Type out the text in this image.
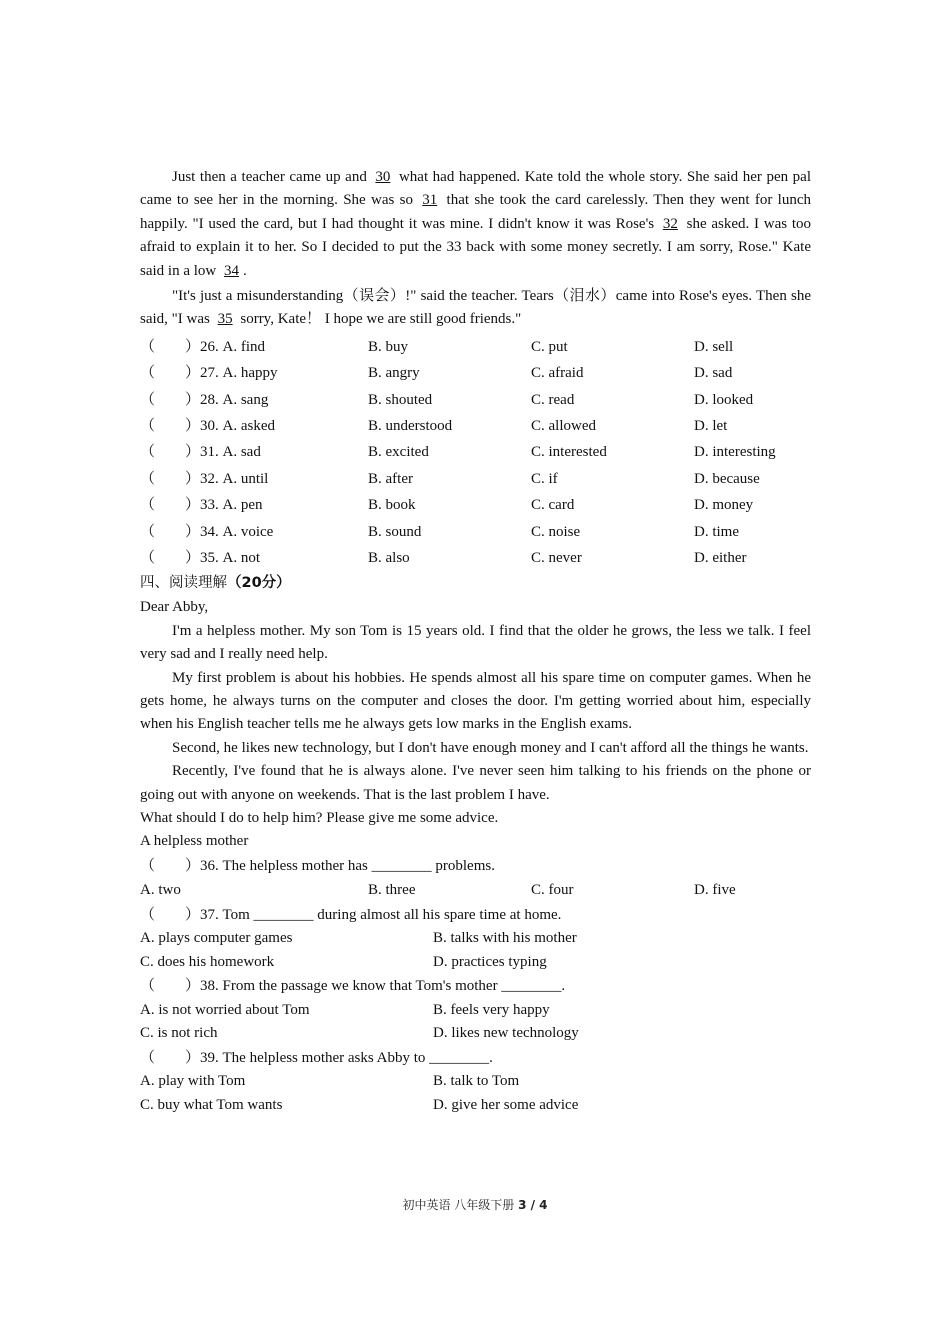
Just then a teacher came up and 30 what had happened. Kate told the whole story. She said her pen pal came to see her in the morning. She was so 31 that she took the card carelessly. Then they went for lunch happily. "I used the card, but I had thought it was mine. I didn't know it was Rose's 32 she asked. I was too afraid to explain it to her. So I decided to put the 33 back with some money secretly. I am sorry, Rose." Kate said in a low 34 .

"It's just a misunderstanding（误会）!" said the teacher. Tears（泪水）came into Rose's eyes. Then she said, "I was 35 sorry, Kate！ I hope we are still good friends."

（　　）26. A. find	B. buy	C. put	D. sell
（　　）27. A. happy	B. angry	C. afraid	D. sad
（　　）28. A. sang	B. shouted	C. read	D. looked
（　　）30. A. asked	B. understood	C. allowed	D. let
（　　）31. A. sad	B. excited	C. interested	D. interesting
（　　）32. A. until	B. after	C. if	D. because
（　　）33. A. pen	B. book	C. card	D. money
（　　）34. A. voice	B. sound	C. noise	D. time
（　　）35. A. not	B. also	C. never	D. either
四、阅读理解（20分）

Dear Abby,

I'm a helpless mother. My son Tom is 15 years old. I find that the older he grows, the less we talk. I feel very sad and I really need help.

My first problem is about his hobbies. He spends almost all his spare time on computer games. When he gets home, he always turns on the computer and closes the door. I'm getting worried about him, especially when his English teacher tells me he always gets low marks in the English exams.

Second, he likes new technology, but I don't have enough money and I can't afford all the things he wants.

Recently, I've found that he is always alone. I've never seen him talking to his friends on the phone or going out with anyone on weekends. That is the last problem I have.

What should I do to help him? Please give me some advice.

A helpless mother

（　　）36. The helpless mother has ________ problems.
A. two	B. three	C. four	D. five
（　　）37. Tom ________ during almost all his spare time at home.
A. plays computer games	B. talks with his mother
C. does his homework	D. practices typing
（　　）38. From the passage we know that Tom's mother ________.
A. is not worried about Tom	B. feels very happy
C. is not rich	D. likes new technology
（　　）39. The helpless mother asks Abby to ________.
A. play with Tom	B. talk to Tom
C. buy what Tom wants	D. give her some advice
初中英语 八年级下册 3 / 4
